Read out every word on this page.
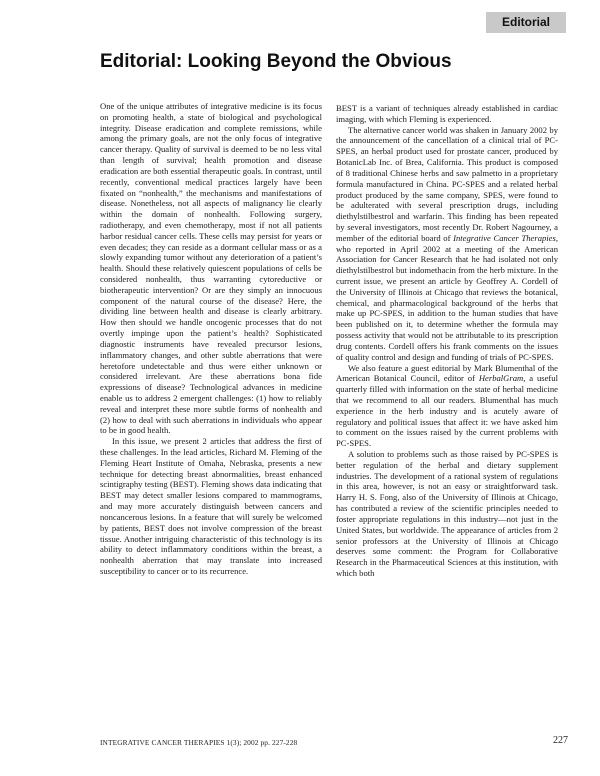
Editorial
Editorial: Looking Beyond the Obvious

One of the unique attributes of integrative medicine is its focus on promoting health, a state of biological and psychological integrity. Disease eradication and complete remissions, while among the primary goals, are not the only focus of integrative cancer therapy. Quality of survival is deemed to be no less vital than length of survival; health promotion and disease eradication are both essential therapeutic goals. In contrast, until recently, conventional medical practices largely have been fixated on “nonhealth,” the mechanisms and manifestations of disease. Nonetheless, not all aspects of malignancy lie clearly within the domain of nonhealth. Following surgery, radiotherapy, and even chemotherapy, most if not all patients harbor residual cancer cells. These cells may persist for years or even decades; they can reside as a dormant cellular mass or as a slowly expanding tumor without any deterioration of a patient’s health. Should these relatively quiescent populations of cells be considered nonhealth, thus warranting cytoreductive or biotherapeutic intervention? Or are they simply an innocuous component of the natural course of the disease? Here, the dividing line between health and disease is clearly arbitrary. How then should we handle oncogenic processes that do not overtly impinge upon the patient’s health? Sophisticated diagnostic instruments have revealed precursor lesions, inflammatory changes, and other subtle aberrations that were heretofore undetectable and thus were either unknown or considered irrelevant. Are these aberrations bona fide expressions of disease? Technological advances in medicine enable us to address 2 emergent challenges: (1) how to reliably reveal and interpret these more subtle forms of nonhealth and (2) how to deal with such aberrations in individuals who appear to be in good health.

In this issue, we present 2 articles that address the first of these challenges. In the lead articles, Richard M. Fleming of the Fleming Heart Institute of Omaha, Nebraska, presents a new technique for detecting breast abnormalities, breast enhanced scintigraphy testing (BEST). Fleming shows data indicating that BEST may detect smaller lesions compared to mammograms, and may more accurately distinguish between cancers and noncancerous lesions. In a feature that will surely be welcomed by patients, BEST does not involve compression of the breast tissue. Another intriguing characteristic of this technology is its ability to detect inflammatory conditions within the breast, a nonhealth aberration that may translate into increased susceptibility to cancer or to its recurrence.

BEST is a variant of techniques already established in cardiac imaging, with which Fleming is experienced.

The alternative cancer world was shaken in January 2002 by the announcement of the cancellation of a clinical trial of PC-SPES, an herbal product used for prostate cancer, produced by BotanicLab Inc. of Brea, California. This product is composed of 8 traditional Chinese herbs and saw palmetto in a proprietary formula manufactured in China. PC-SPES and a related herbal product produced by the same company, SPES, were found to be adulterated with several prescription drugs, including diethylstilbestrol and warfarin. This finding has been repeated by several investigators, most recently Dr. Robert Nagourney, a member of the editorial board of Integrative Cancer Therapies, who reported in April 2002 at a meeting of the American Association for Cancer Research that he had isolated not only diethylstilbestrol but indomethacin from the herb mixture. In the current issue, we present an article by Geoffrey A. Cordell of the University of Illinois at Chicago that reviews the botanical, chemical, and pharmacological background of the herbs that make up PC-SPES, in addition to the human studies that have been published on it, to determine whether the formula may possess activity that would not be attributable to its prescription drug contents. Cordell offers his frank comments on the issues of quality control and design and funding of trials of PC-SPES.

We also feature a guest editorial by Mark Blumenthal of the American Botanical Council, editor of HerbalGram, a useful quarterly filled with information on the state of herbal medicine that we recommend to all our readers. Blumenthal has much experience in the herb industry and is acutely aware of regulatory and political issues that affect it: we have asked him to comment on the issues raised by the current problems with PC-SPES.

A solution to problems such as those raised by PC-SPES is better regulation of the herbal and dietary supplement industries. The development of a rational system of regulations in this area, however, is not an easy or straightforward task. Harry H. S. Fong, also of the University of Illinois at Chicago, has contributed a review of the scientific principles needed to foster appropriate regulations in this industry—not just in the United States, but worldwide. The appearance of articles from 2 senior professors at the University of Illinois at Chicago deserves some comment: the Program for Collaborative Research in the Pharmaceutical Sciences at this institution, with which both

INTEGRATIVE CANCER THERAPIES 1(3); 2002 pp. 227-228	227
